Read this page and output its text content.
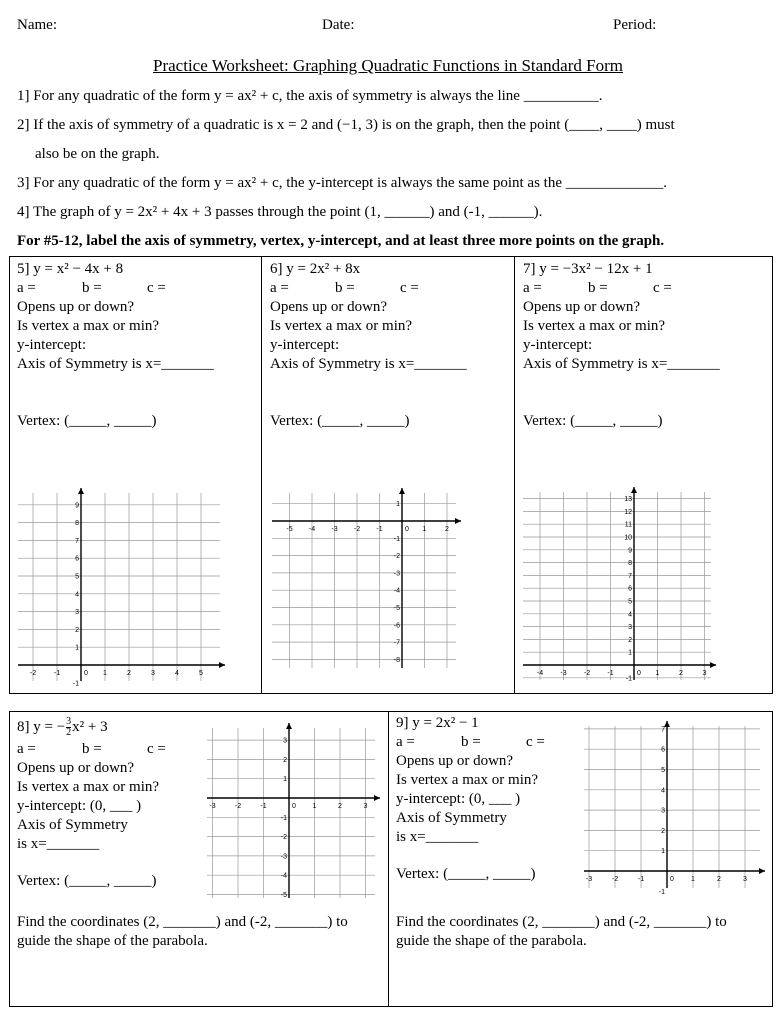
Name:	Date:	Period:
Practice Worksheet: Graphing Quadratic Functions in Standard Form
1] For any quadratic of the form y = ax² + c, the axis of symmetry is always the line __________.
2] If the axis of symmetry of a quadratic is x = 2 and (−1, 3) is on the graph, then the point (____, ____) must
also be on the graph.
3] For any quadratic of the form y = ax² + c, the y-intercept is always the same point as the _____________.
4] The graph of y = 2x² + 4x + 3 passes through the point (1, ______) and (-1, ______).
For #5-12, label the axis of symmetry, vertex, y-intercept, and at least three more points on the graph.
5] y = x² − 4x + 8
a =	b =	c =
Opens up or down?
Is vertex a max or min?
y-intercept:
Axis of Symmetry is x=_______
Vertex: (_____, _____)
6] y = 2x² + 8x
a =	b =	c =
Opens up or down?
Is vertex a max or min?
y-intercept:
Axis of Symmetry is x=_______
Vertex: (_____, _____)
7] y = −3x² − 12x + 1
a =	b =	c =
Opens up or down?
Is vertex a max or min?
y-intercept:
Axis of Symmetry is x=_______
Vertex: (_____, _____)
8] y = − $\frac{3}{2} x^2 + 3$
a =	b =	c =
Opens up or down?
Is vertex a max or min?
y-intercept: (0, ___ )
Axis of Symmetry
is x=_______
Vertex: (_____, _____)
Find the coordinates (2, _______) and (-2, _______) to
guide the shape of the parabola.
9] y = 2x² − 1
a =	b =	c =
Opens up or down?
Is vertex a max or min?
y-intercept: (0, ___ )
Axis of Symmetry
is x=_______
Vertex: (_____, _____)
Find the coordinates (2, _______) and (-2, _______) to
guide the shape of the parabola.
-2	-1	0 1	2	3	4	5
-1
1
2
3
4
5
6
7
8
9
-5 -4 -3 -2 -1	0 1	2
-8
-7
-6
-5
-4
-3
-2
-1
1
-4 -3 -2 -1	0 1	2	3
-1
1
2
3
4
5
6
7
8
9
10
11
12
13
-3	-2	-1	0 1	2	3
-5
-4
-3
-2
-1
1
2
3
-3	-2	-1	0 1	2	3
-1
1
2
3
4
5
6
7
